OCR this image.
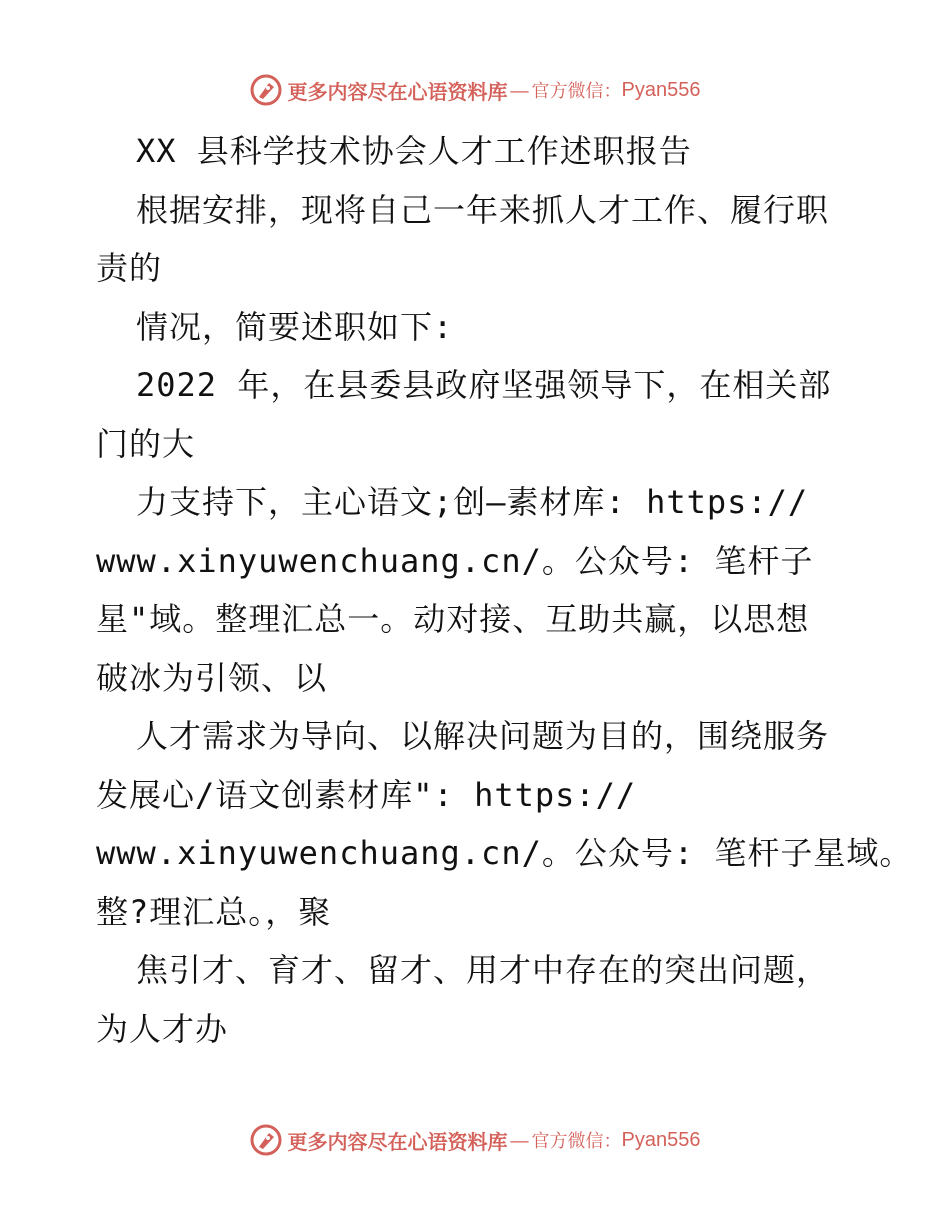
更多内容尽在心语资料库 — 官方微信： Pyan556
XX 县科学技术协会人才工作述职报告
根据安排，现将自己一年来抓人才工作、履行职
责的
情况，简要述职如下:
2022 年，在县委县政府坚强领导下，在相关部
门的大
力支持下，主心语文;创—素材库: https://
www.xinyuwenchuang.cn/。公众号: 笔杆子
星"域。整理汇总一。动对接、互助共赢，以思想
破冰为引领、以
人才需求为导向、以解决问题为目的，围绕服务
发展心/语文创素材库": https://
www.xinyuwenchuang.cn/。公众号: 笔杆子星域。
整?理汇总。，聚
焦引才、育才、留才、用才中存在的突出问题，
为人才办
更多内容尽在心语资料库 — 官方微信： Pyan556
